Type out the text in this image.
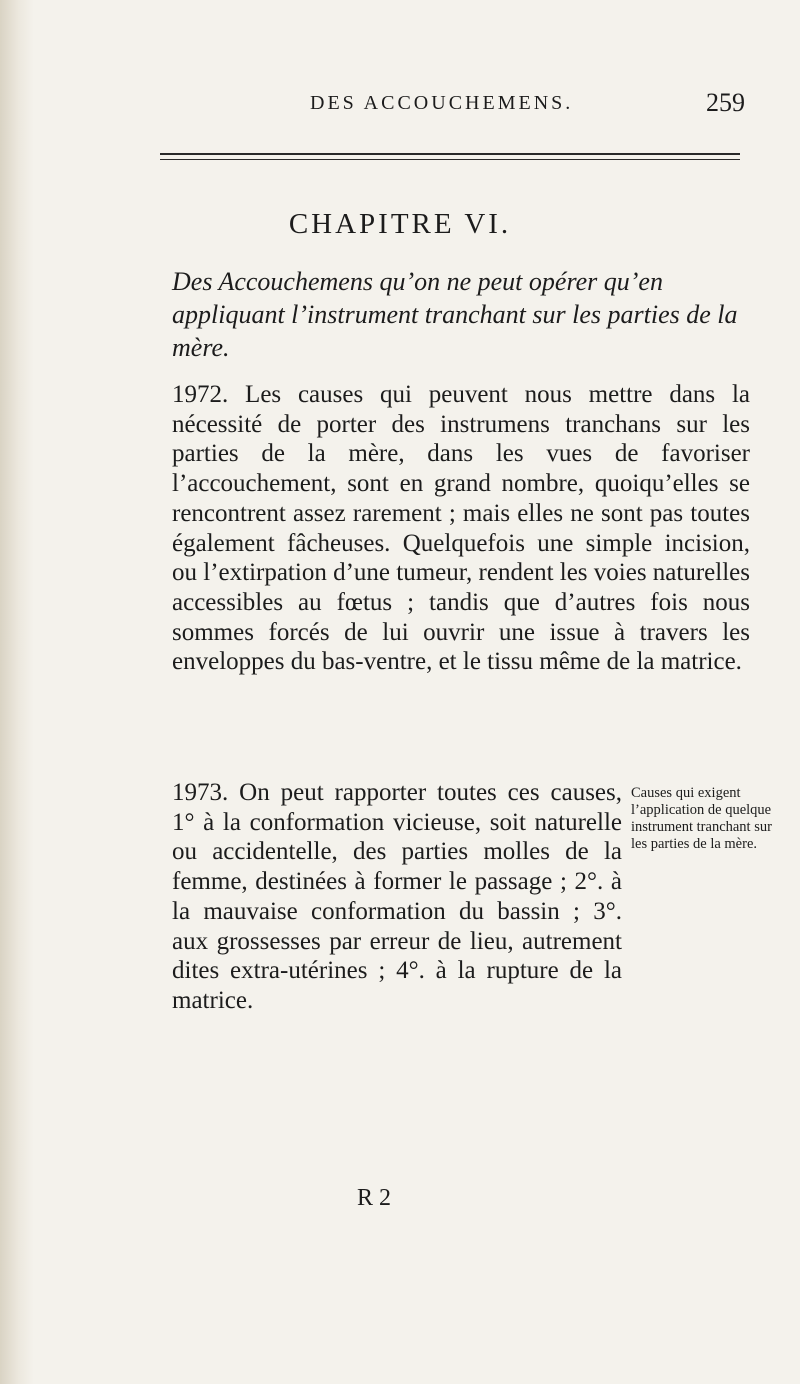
DES ACCOUCHEMENS.	259
CHAPITRE VI.
Des Accouchemens qu’on ne peut opérer qu’en appliquant l’instrument tranchant sur les parties de la mère.
1972. Les causes qui peuvent nous mettre dans la nécessité de porter des instrumens tranchans sur les parties de la mère, dans les vues de favoriser l’accouchement, sont en grand nombre, quoiqu’elles se rencontrent assez rarement ; mais elles ne sont pas toutes également fâcheuses. Quelquefois une simple incision, ou l’extirpation d’une tumeur, rendent les voies naturelles accessibles au fœtus ; tandis que d’autres fois nous sommes forcés de lui ouvrir une issue à travers les enveloppes du bas-ventre, et le tissu même de la matrice.
1973. On peut rapporter toutes ces causes, 1° à la conformation vicieuse, soit naturelle ou accidentelle, des parties molles de la femme, destinées à former le passage ; 2°. à la mauvaise conformation du bassin ; 3°. aux grossesses par erreur de lieu, autrement dites extra-utérines ; 4°. à la rupture de la matrice.
Causes qui exigent l’application de quelque instrument tranchant sur les parties de la mère.
R 2
